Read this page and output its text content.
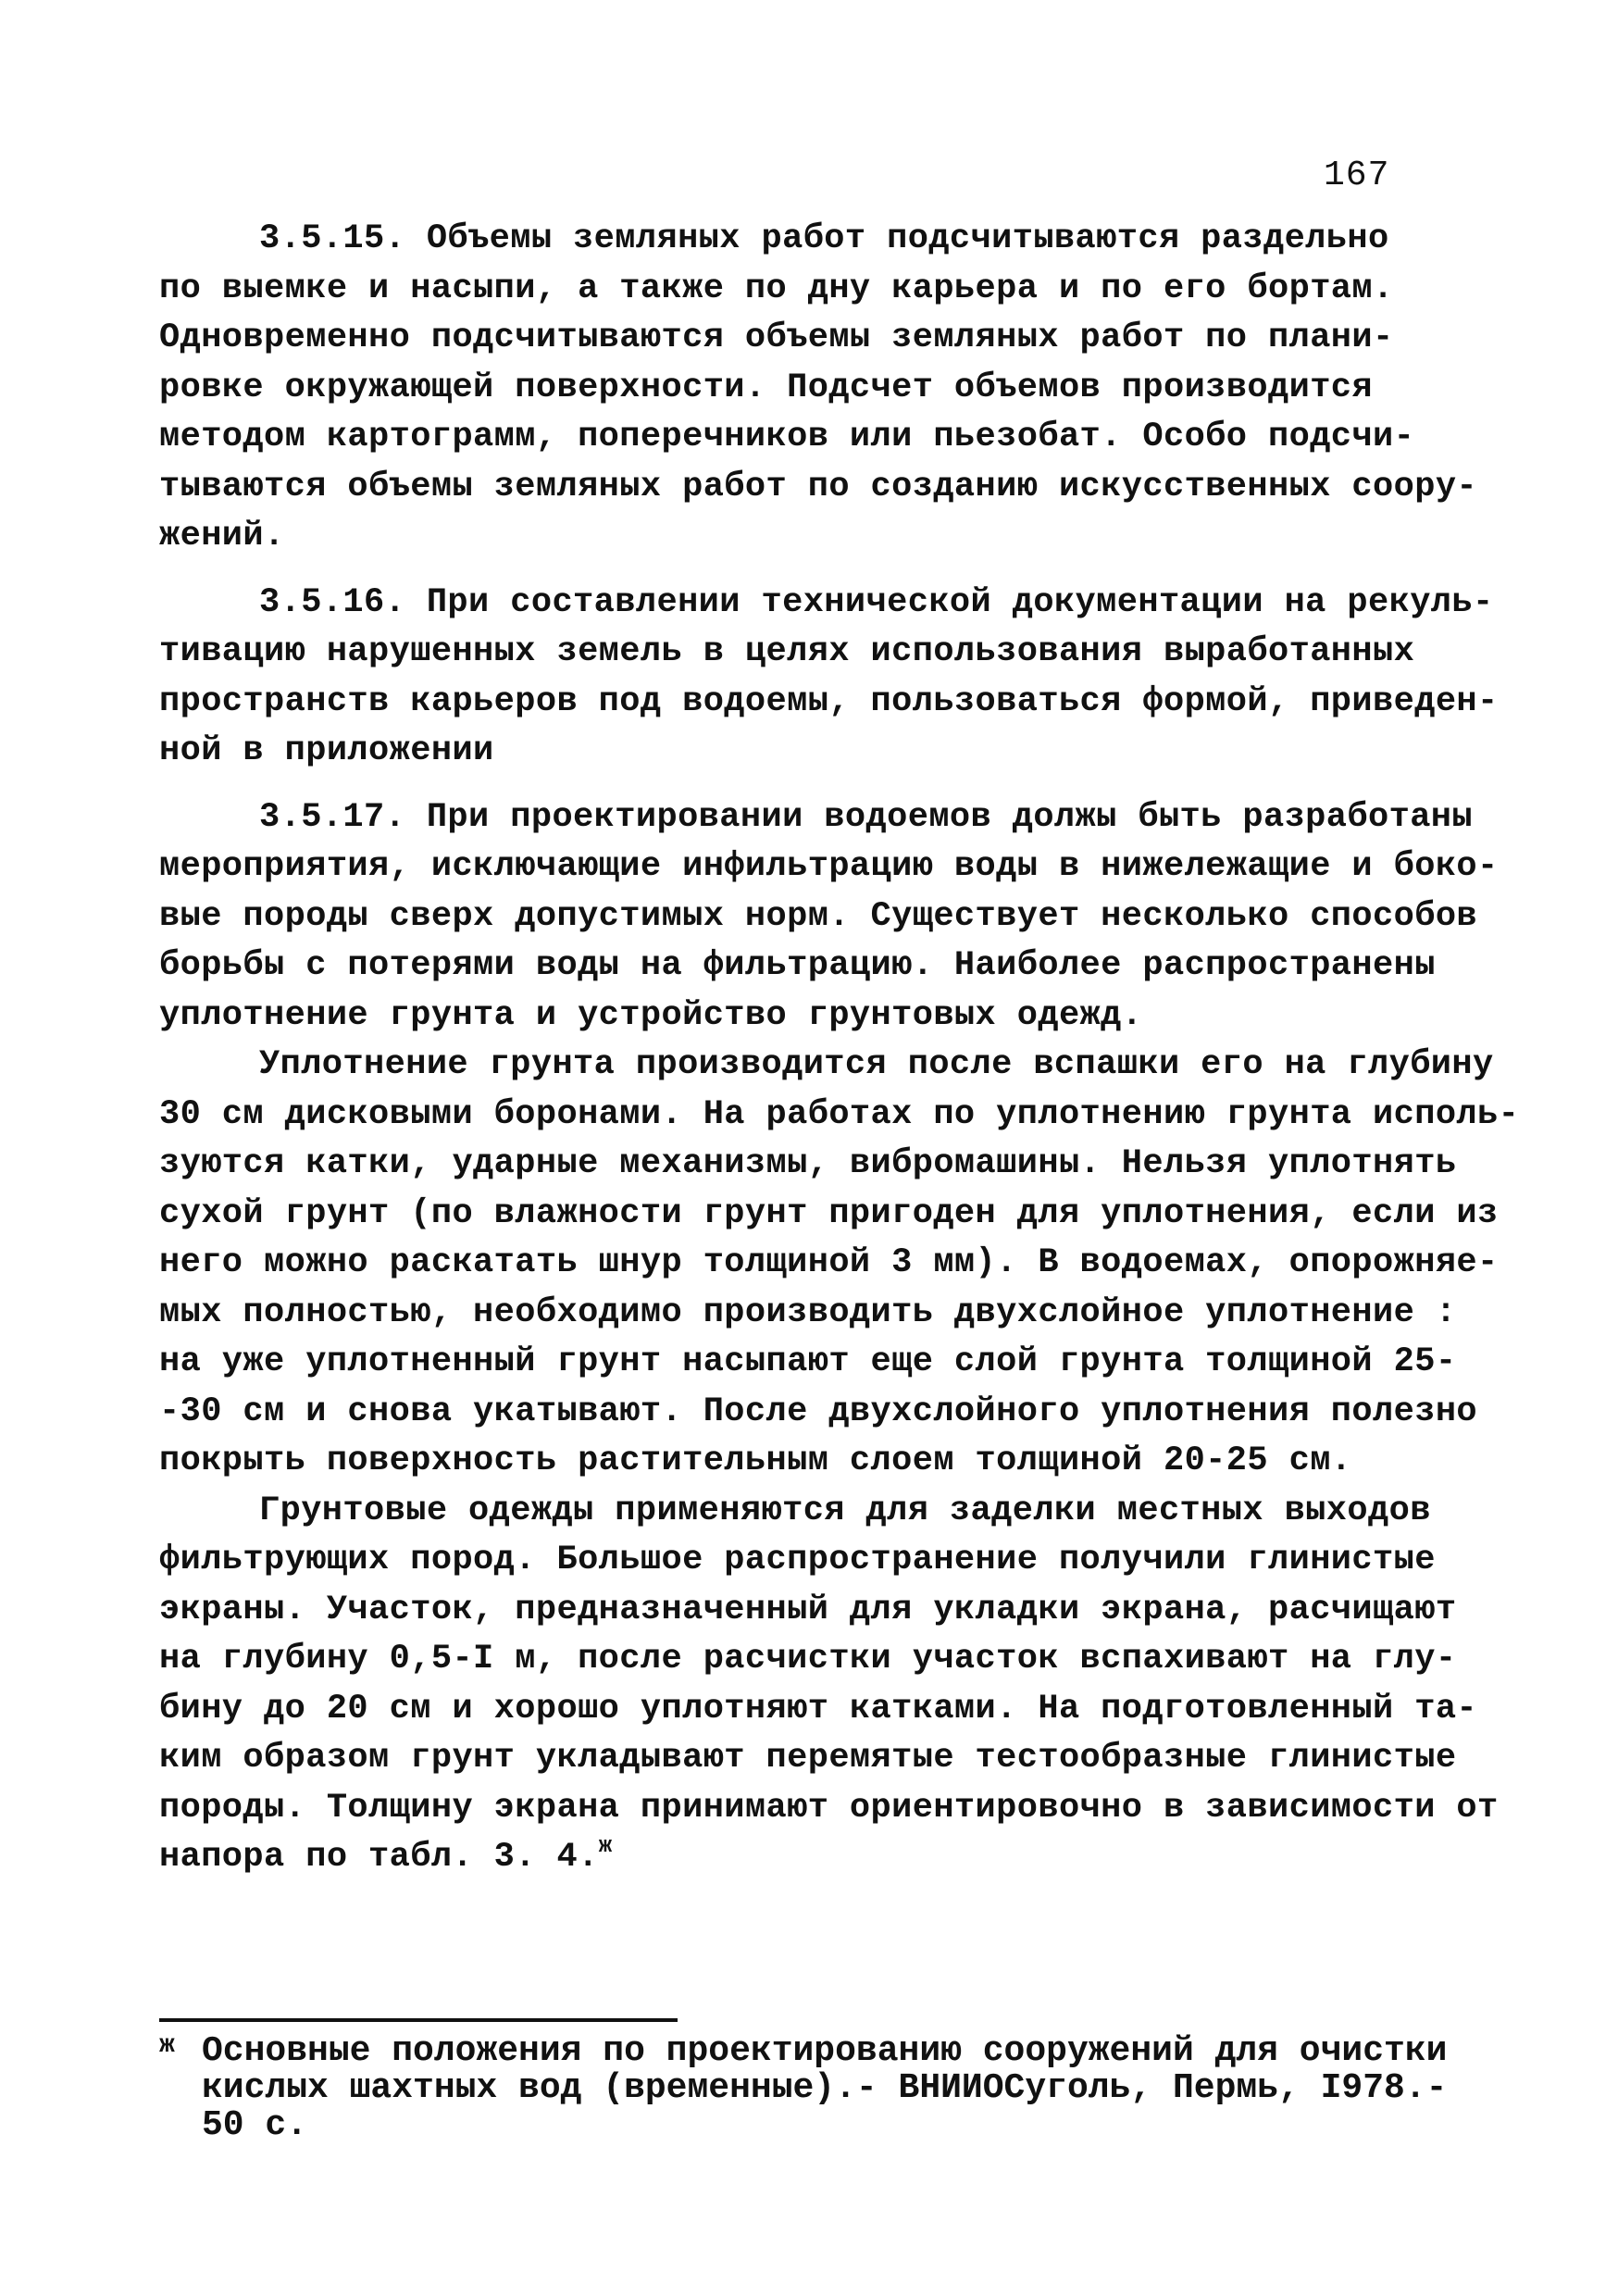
167
3.5.15. Объемы земляных работ подсчитываются раздельно
по выемке и насыпи, а также по дну карьера и по его бортам.
Одновременно подсчитываются объемы земляных работ по плани-
ровке окружающей поверхности. Подсчет объемов производится
методом картограмм, поперечников или пьезобат. Особо подсчи-
тываются объемы земляных работ по созданию искусственных соору-
жений.
3.5.16. При составлении технической документации на рекуль-
тивацию нарушенных земель в целях использования выработанных
пространств карьеров под водоемы, пользоваться формой, приведен-
ной в приложении
3.5.17. При проектировании водоемов должы быть разработаны
мероприятия, исключающие инфильтрацию воды в нижележащие и боко-
вые породы сверх допустимых норм. Существует несколько способов
борьбы с потерями воды на фильтрацию. Наиболее распространены
уплотнение грунта и устройство грунтовых одежд.
Уплотнение грунта производится после вспашки его на глубину
30 см дисковыми боронами. На работах по уплотнению грунта исполь-
зуются катки, ударные механизмы, вибромашины. Нельзя уплотнять
сухой грунт (по влажности грунт пригоден для уплотнения, если из
него можно раскатать шнур толщиной 3 мм). В водоемах, опорожняе-
мых полностью, необходимо производить двухслойное уплотнение :
на уже уплотненный грунт насыпают еще слой грунта толщиной 25-
-30 см и снова укатывают. После двухслойного уплотнения полезно
покрыть поверхность растительным слоем толщиной 20-25 см.
Грунтовые одежды применяются для заделки местных выходов
фильтрующих пород. Большое распространение получили глинистые
экраны. Участок, предназначенный для укладки экрана, расчищают
на глубину 0,5-I м, после расчистки участок вспахивают на глу-
бину до 20 см и хорошо уплотняют катками. На подготовленный та-
ким образом грунт укладывают перемятые тестообразные глинистые
породы. Толщину экрана принимают ориентировочно в зависимости от
напора по табл. 3. 4.$^ж$
ж Основные положения по проектированию сооружений для очистки
кислых шахтных вод (временные).- ВНИИОСуголь, Пермь, I978.-
50 с.
